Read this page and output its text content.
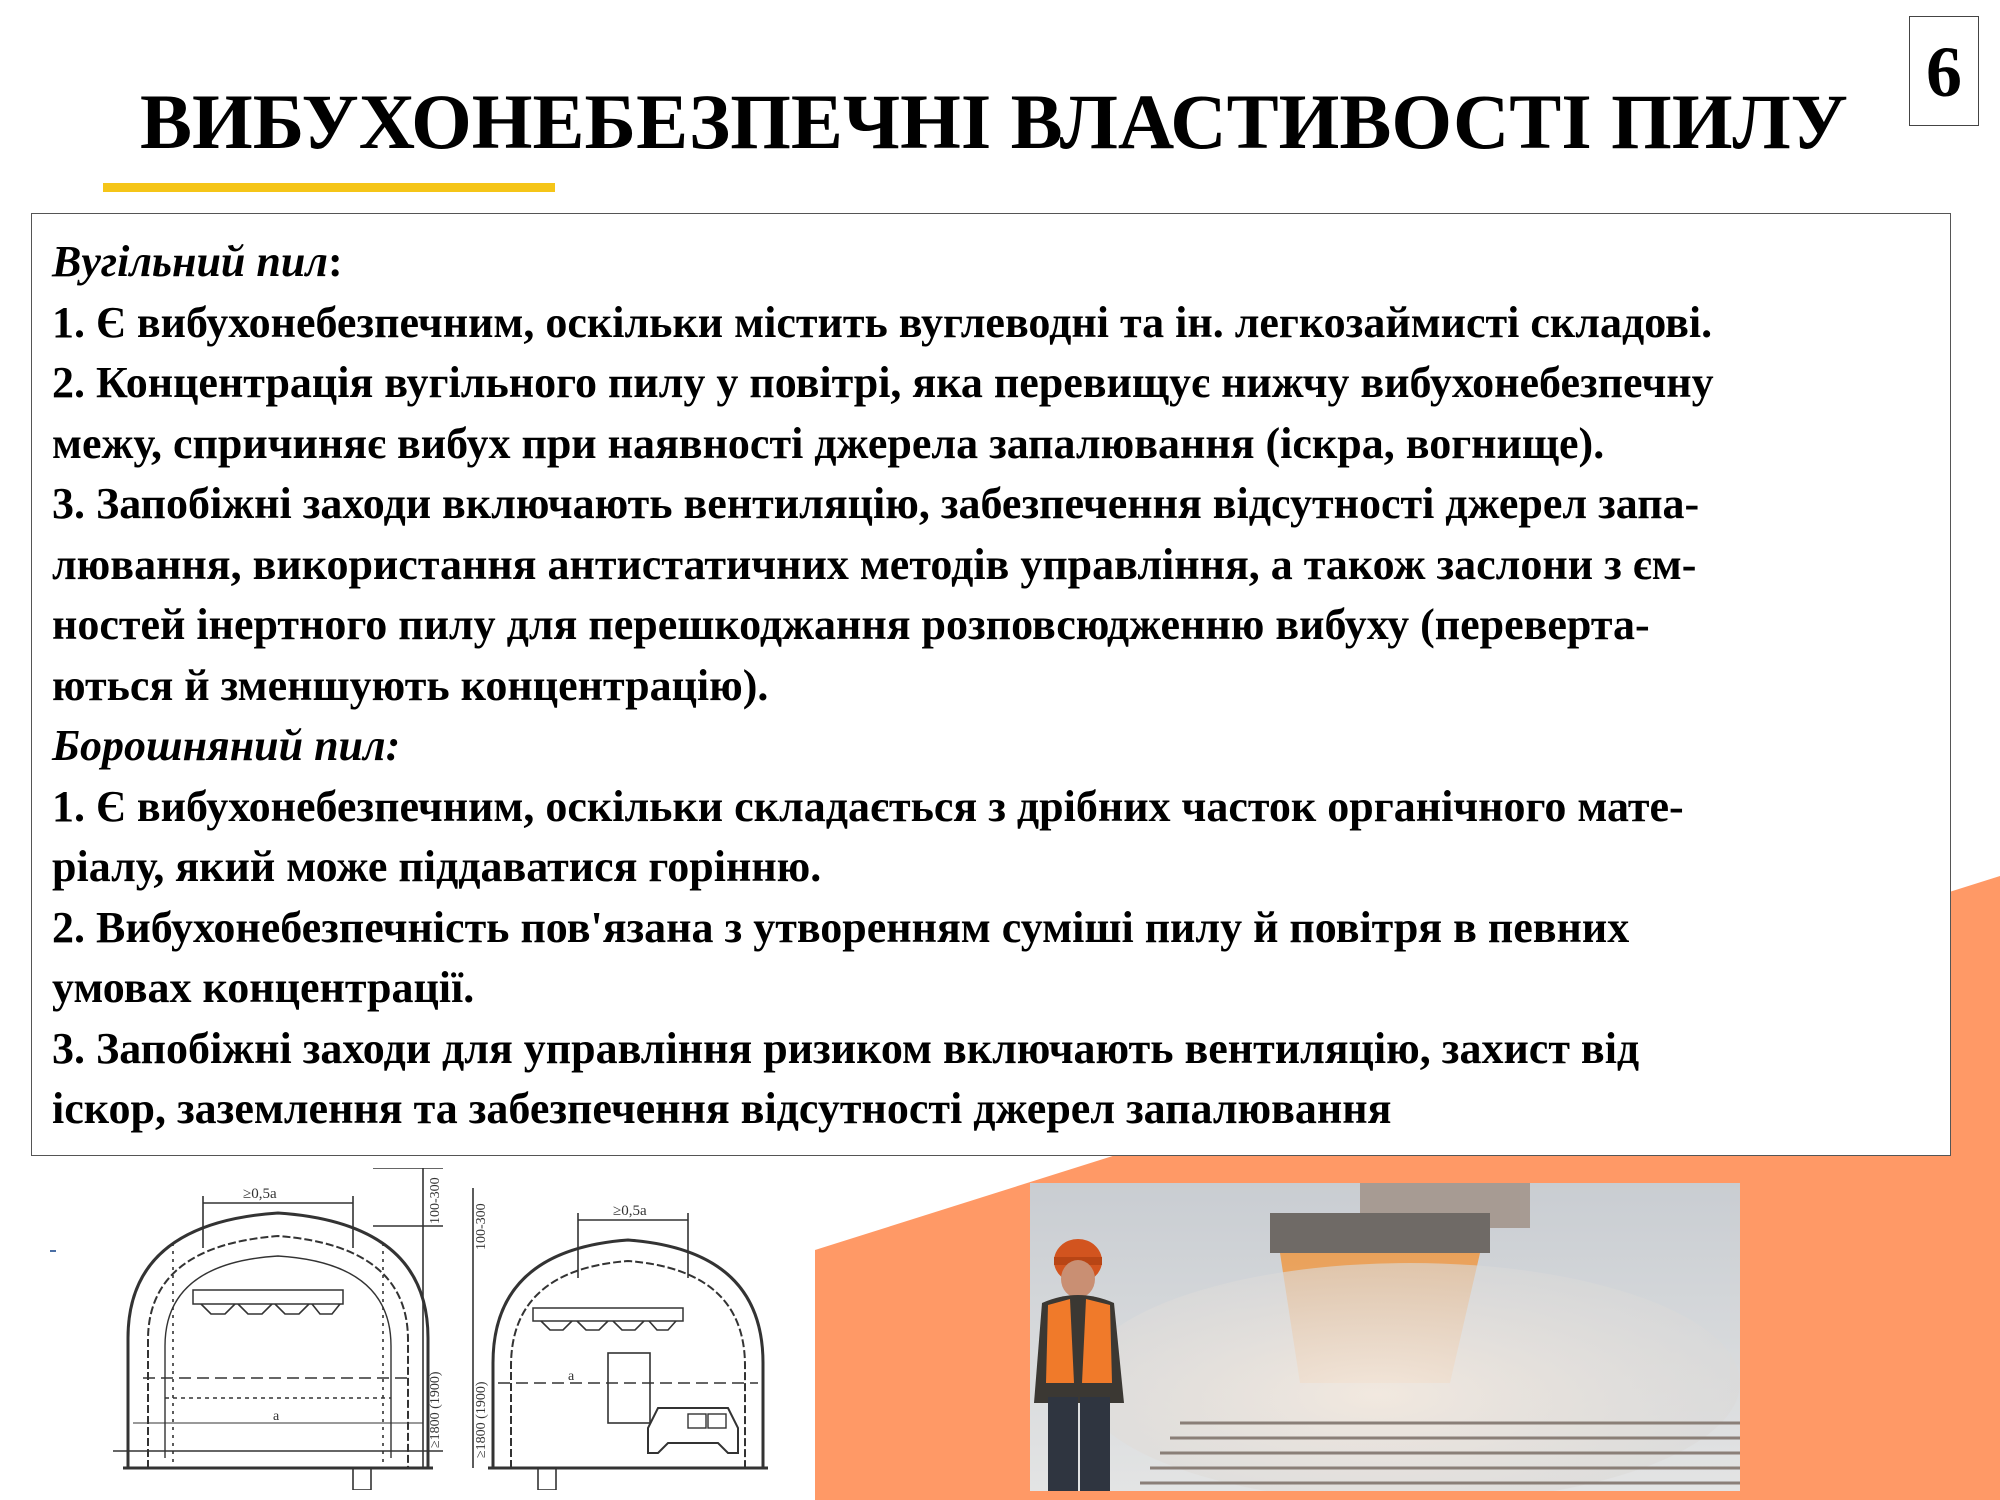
ВИБУХОНЕБЕЗПЕЧНІ ВЛАСТИВОСТІ ПИЛУ
6
Вугільний пил:
1. Є вибухонебезпечним, оскільки містить вуглеводні та ін. легкозаймисті складові.
2. Концентрація вугільного пилу у повітрі, яка перевищує нижчу вибухонебезпечну
межу, спричиняє вибух при наявності джерела запалювання (іскра, вогнище).
3. Запобіжні заходи включають вентиляцію, забезпечення відсутності джерел запа-
лювання, використання антистатичних методів управління, а також заслони з єм-
ностей інертного пилу для перешкоджання розповсюдженню вибуху (переверта-
ються й зменшують концентрацію).
Борошняний пил:
1. Є вибухонебезпечним, оскільки складається з дрібних часток органічного мате-
ріалу, який може піддаватися горінню.
2. Вибухонебезпечність пов'язана з утворенням суміші пилу й повітря в певних
умовах концентрації.
3. Запобіжні заходи для управління ризиком включають вентиляцію, захист від
іскор, заземлення та забезпечення відсутності джерел запалювання
≥0,5a
a
100-300
≥1800 (1900)
≥0,5a
a
100-300
≥1800 (1900)
